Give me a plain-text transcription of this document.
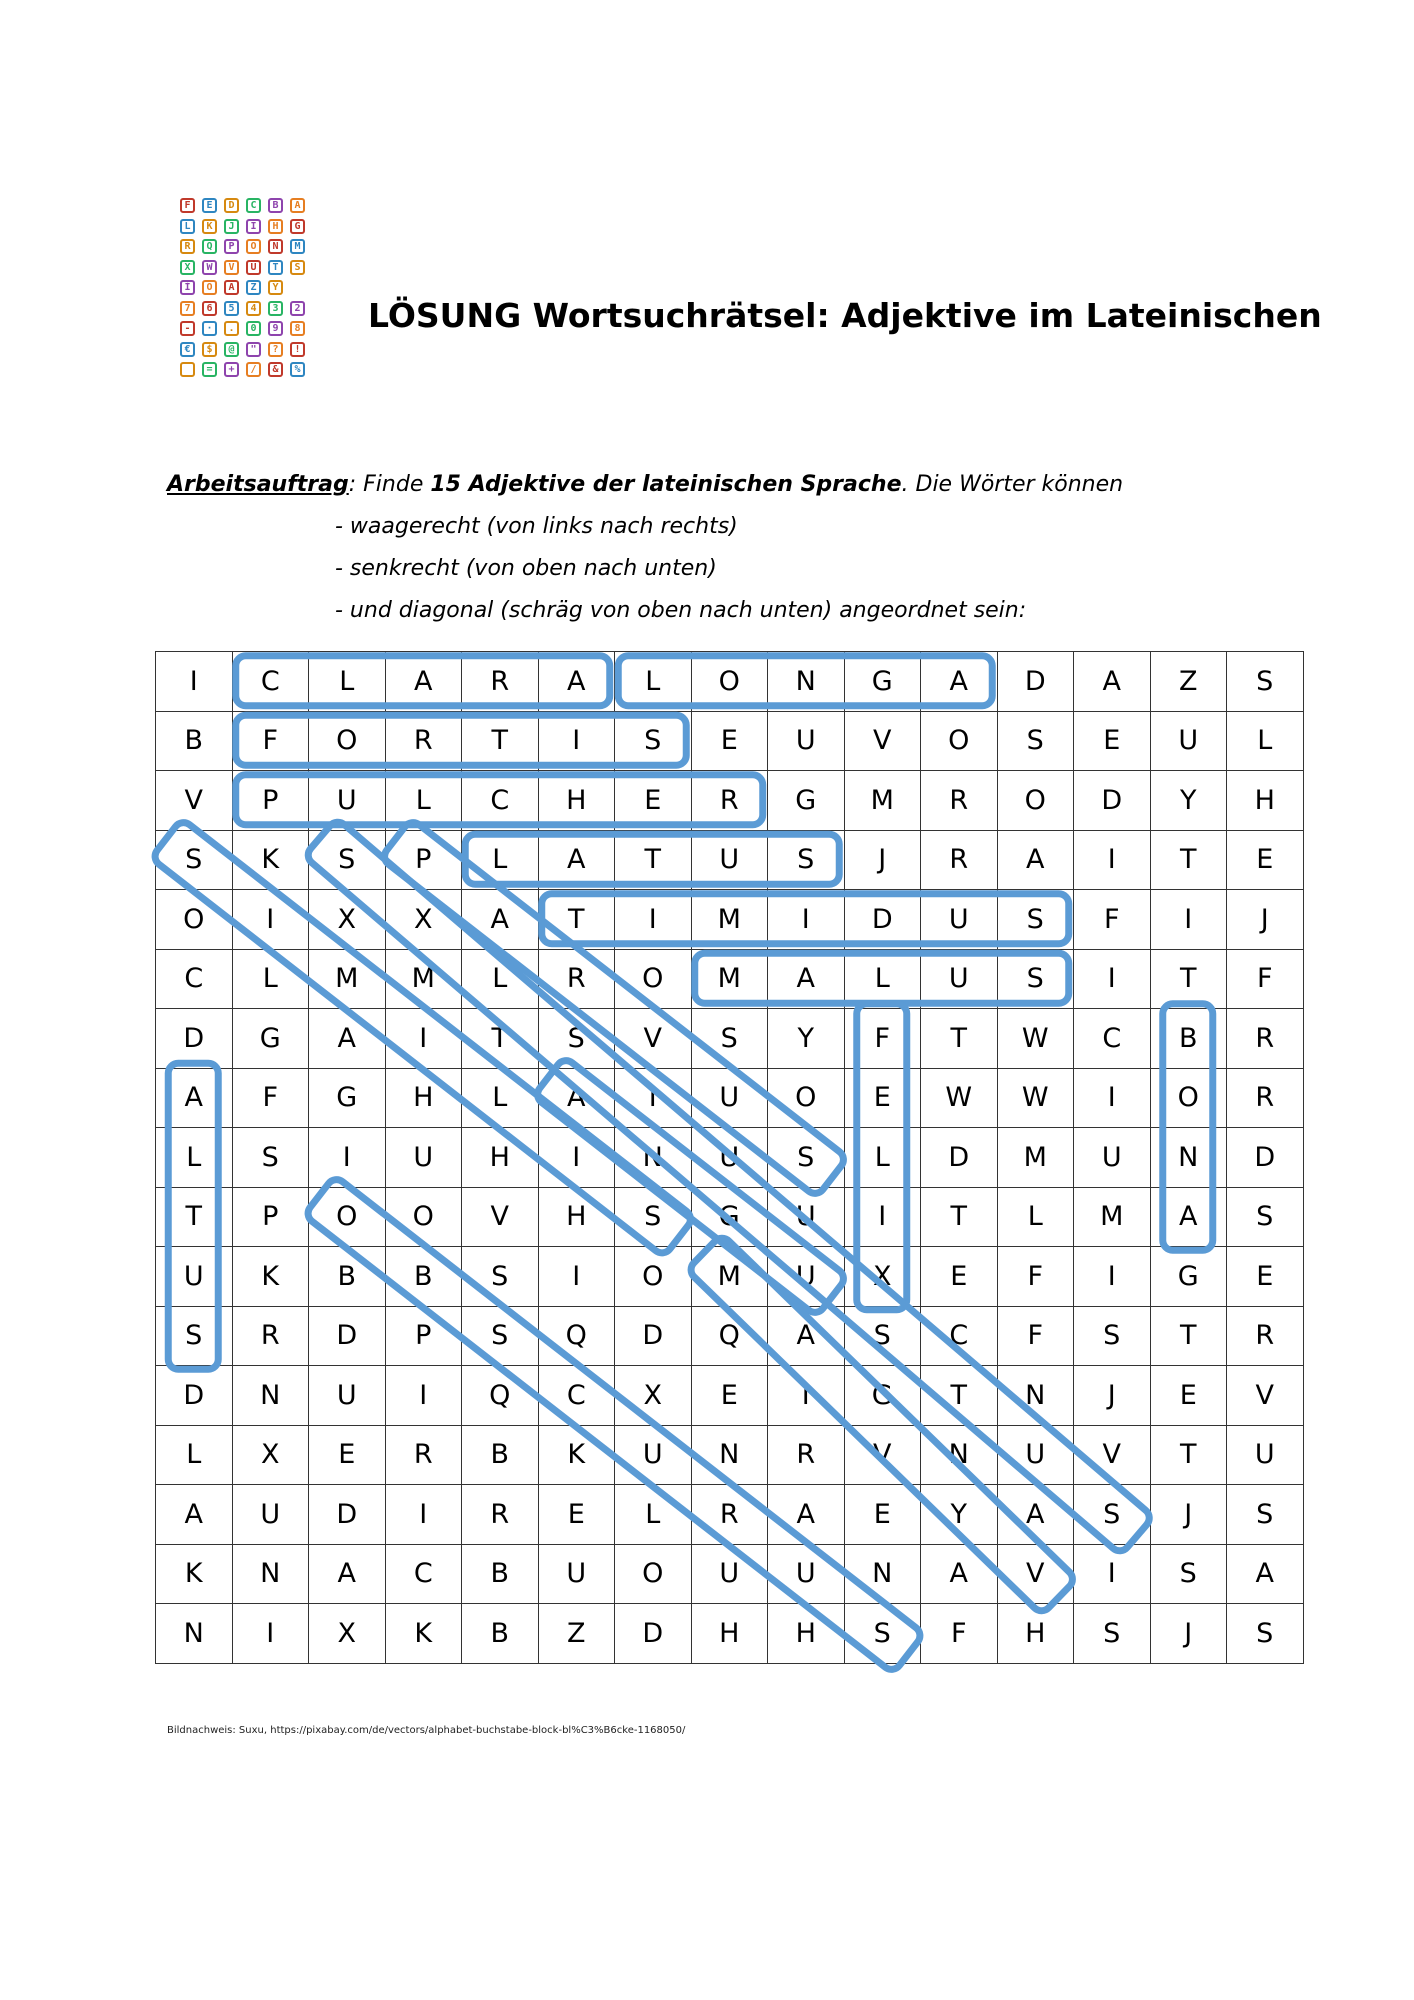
F	E	D	C	B	A
L	K	J	I	H	G
R	Q	P	O	N	M
X	W	V	U	T	S
Ì	Ö	Ä	Z	Y
7	6	5	4	3	2
-	·	.	0	9	8
€	$	@	"	?	!
=	+	/	&	%
LÖSUNG Wortsuchrätsel: Adjektive im Lateinischen
Arbeitsauftrag: Finde 15 Adjektive der lateinischen Sprache. Die Wörter können
- waagerecht (von links nach rechts)
- senkrecht (von oben nach unten)
- und diagonal (schräg von oben nach unten) angeordnet sein:
I	C	L	A	R	A	L	O	N	G	A	D	A	Z	S
B	F	O	R	T	I	S	E	U	V	O	S	E	U	L
V	P	U	L	C	H	E	R	G	M	R	O	D	Y	H
S	K	S	P	L	A	T	U	S	J	R	A	I	T	E
O	I	X	X	A	T	I	M	I	D	U	S	F	I	J
C	L	M	M	L	R	O	M	A	L	U	S	I	T	F
D	G	A	I	T	S	V	S	Y	F	T	W	C	B	R
A	F	G	H	L	A	I	U	O	E	W	W	I	O	R
L	S	I	U	H	I	N	U	S	L	D	M	U	N	D
T	P	O	O	V	H	S	G	U	I	T	L	M	A	S
U	K	B	B	S	I	O	M	U	X	E	F	I	G	E
S	R	D	P	S	Q	D	Q	A	S	C	F	S	T	R
D	N	U	I	Q	C	X	E	I	G	T	N	J	E	V
L	X	E	R	B	K	U	N	R	V	N	U	V	T	U
A	U	D	I	R	E	L	R	A	E	Y	A	S	J	S
K	N	A	C	B	U	O	U	U	N	A	V	I	S	A
N	I	X	K	B	Z	D	H	H	S	F	H	S	J	S
Bildnachweis: Suxu, https://pixabay.com/de/vectors/alphabet-buchstabe-block-bl%C3%B6cke-1168050/
